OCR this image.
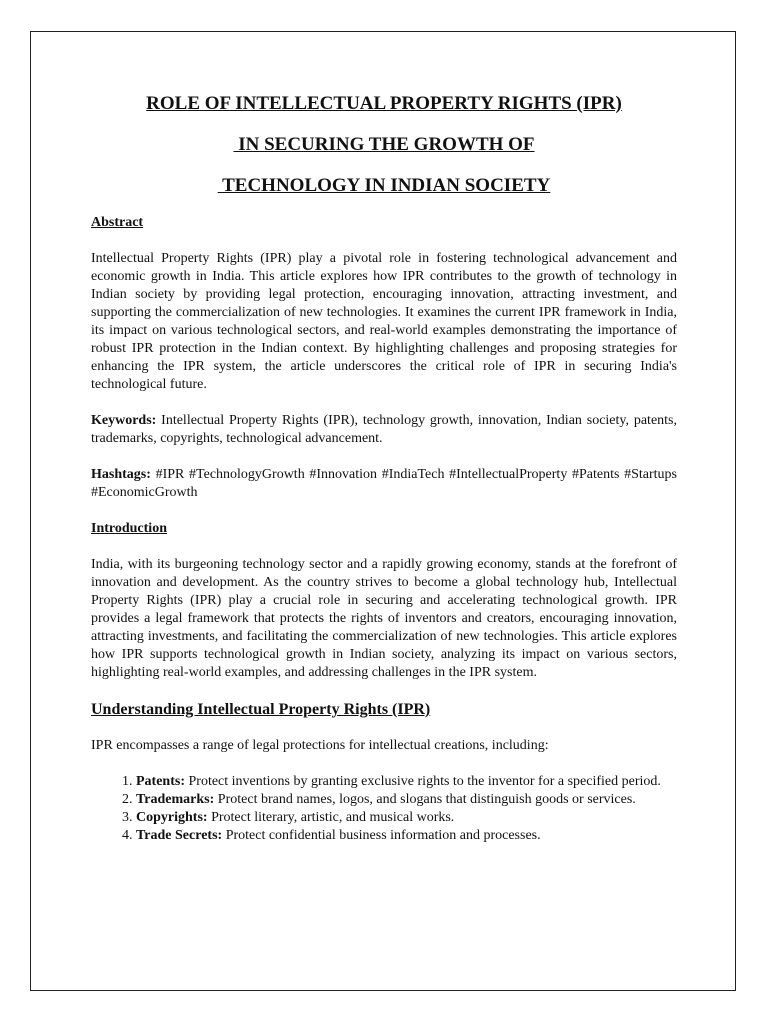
ROLE OF INTELLECTUAL PROPERTY RIGHTS (IPR)
IN SECURING THE GROWTH OF
TECHNOLOGY IN INDIAN SOCIETY
Abstract

Intellectual Property Rights (IPR) play a pivotal role in fostering technological advancement and economic growth in India. This article explores how IPR contributes to the growth of technology in Indian society by providing legal protection, encouraging innovation, attracting investment, and supporting the commercialization of new technologies. It examines the current IPR framework in India, its impact on various technological sectors, and real-world examples demonstrating the importance of robust IPR protection in the Indian context. By highlighting challenges and proposing strategies for enhancing the IPR system, the article underscores the critical role of IPR in securing India's technological future.

Keywords: Intellectual Property Rights (IPR), technology growth, innovation, Indian society, patents, trademarks, copyrights, technological advancement.

Hashtags: #IPR #TechnologyGrowth #Innovation #IndiaTech #IntellectualProperty #Patents #Startups #EconomicGrowth

Introduction

India, with its burgeoning technology sector and a rapidly growing economy, stands at the forefront of innovation and development. As the country strives to become a global technology hub, Intellectual Property Rights (IPR) play a crucial role in securing and accelerating technological growth. IPR provides a legal framework that protects the rights of inventors and creators, encouraging innovation, attracting investments, and facilitating the commercialization of new technologies. This article explores how IPR supports technological growth in Indian society, analyzing its impact on various sectors, highlighting real-world examples, and addressing challenges in the IPR system.

Understanding Intellectual Property Rights (IPR)

IPR encompasses a range of legal protections for intellectual creations, including:

1. Patents: Protect inventions by granting exclusive rights to the inventor for a specified period.
2. Trademarks: Protect brand names, logos, and slogans that distinguish goods or services.
3. Copyrights: Protect literary, artistic, and musical works.
4. Trade Secrets: Protect confidential business information and processes.
